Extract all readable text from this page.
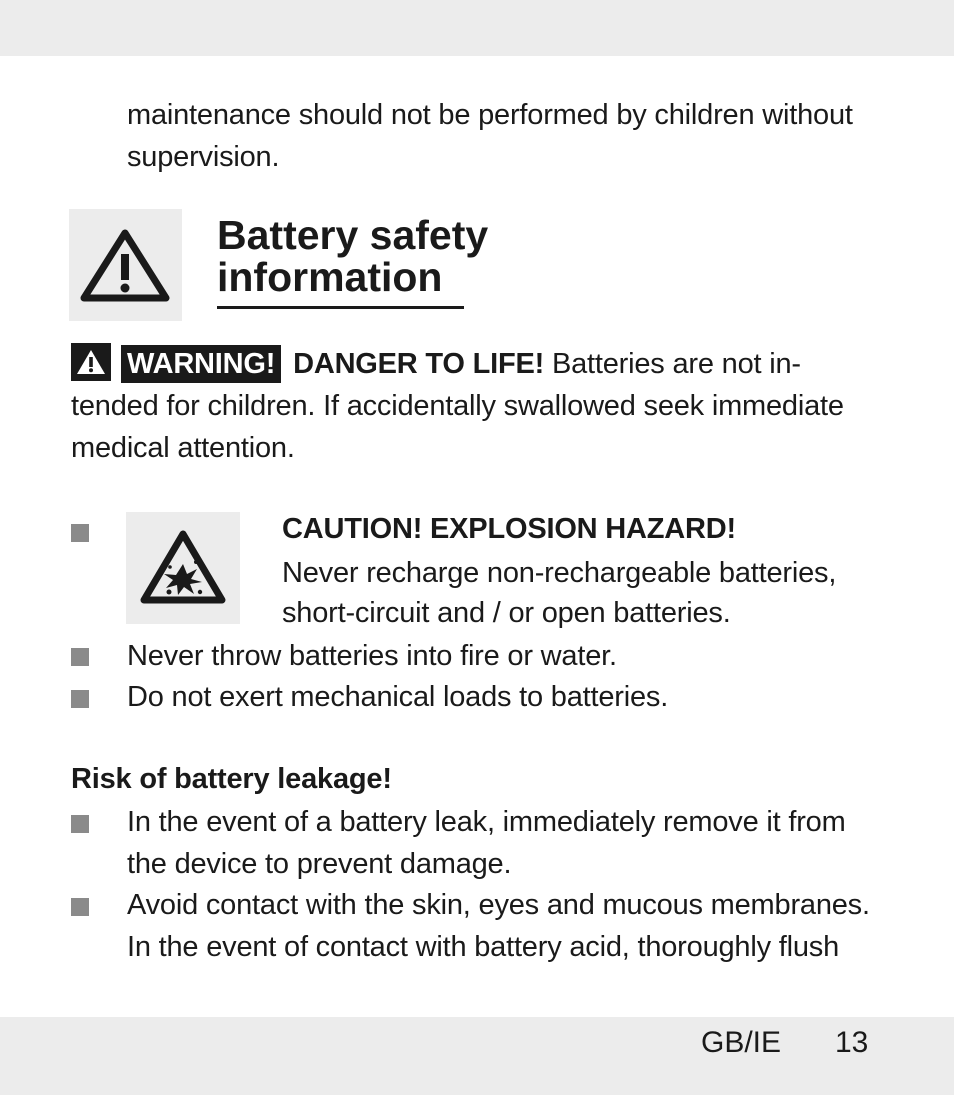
maintenance should not be performed by children without
supervision.
Battery safety
information
WARNING! DANGER TO LIFE! Batteries are not in-
tended for children. If accidentally swallowed seek immediate
medical attention.
CAUTION! EXPLOSION HAZARD!
Never recharge non-rechargeable batteries,
short-circuit and / or open batteries.
Never throw batteries into fire or water.
Do not exert mechanical loads to batteries.
Risk of battery leakage!
In the event of a battery leak, immediately remove it from
the device to prevent damage.
Avoid contact with the skin, eyes and mucous membranes.
In the event of contact with battery acid, thoroughly flush
GB/IE 13
